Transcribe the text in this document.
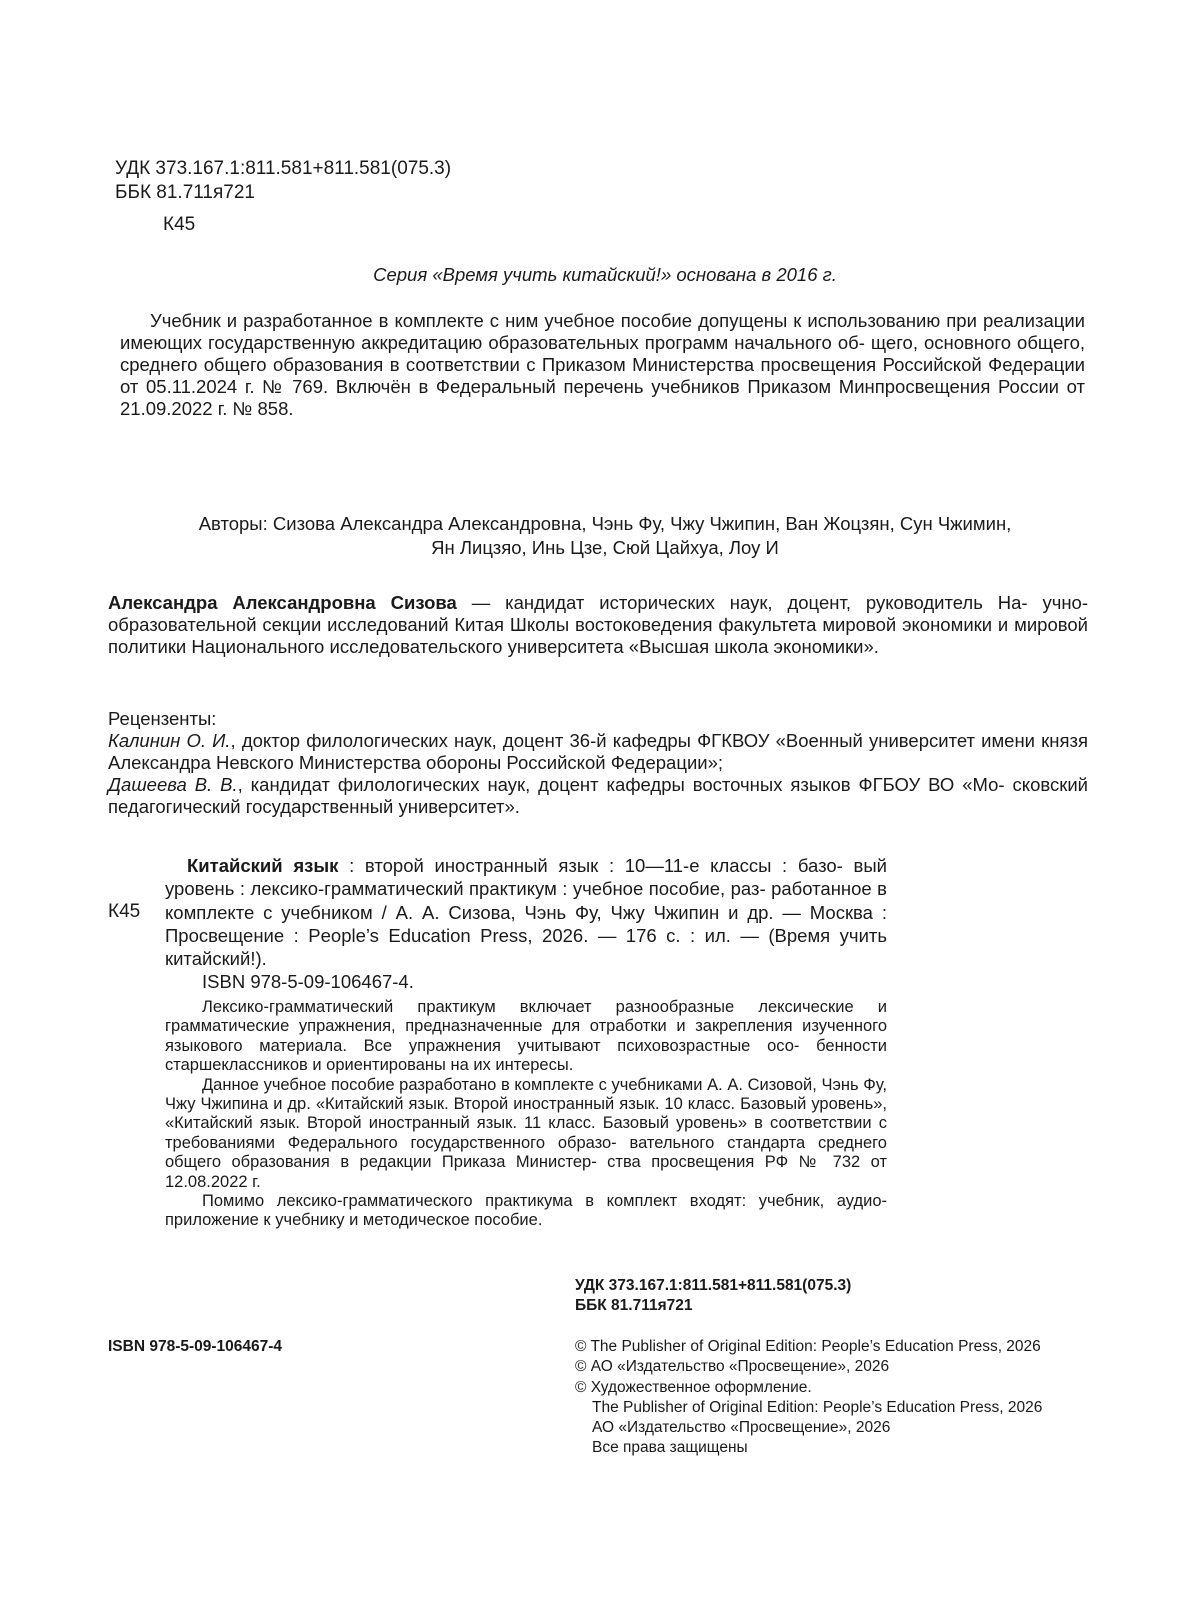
УДК 373.167.1:811.581+811.581(075.3)
ББК 81.711я721
К45
Серия «Время учить китайский!» основана в 2016 г.
Учебник и разработанное в комплекте с ним учебное пособие допущены к использованию при реализации имеющих государственную аккредитацию образовательных программ начального об- щего, основного общего, среднего общего образования в соответствии с Приказом Министерства просвещения Российской Федерации от 05.11.2024 г. № 769. Включён в Федеральный перечень учебников Приказом Минпросвещения России от 21.09.2022 г. № 858.
Авторы: Сизова Александра Александровна, Чэнь Фу, Чжу Чжипин, Ван Жоцзян, Сун Чжимин,
Ян Лицзяо, Инь Цзе, Сюй Цайхуа, Лоу И
Александра Александровна Сизова — кандидат исторических наук, доцент, руководитель На- учно-образовательной секции исследований Китая Школы востоковедения факультета мировой экономики и мировой политики Национального исследовательского университета «Высшая школа экономики».
Рецензенты:
Калинин О. И., доктор филологических наук, доцент 36-й кафедры ФГКВОУ «Военный университет имени князя Александра Невского Министерства обороны Российской Федерации»;
Дашеева В. В., кандидат филологических наук, доцент кафедры восточных языков ФГБОУ ВО «Мо- сковский педагогический государственный университет».
К45
Китайский язык : второй иностранный язык : 10—11-е классы : базо- вый уровень : лексико-грамматический практикум : учебное пособие, раз- работанное в комплекте с учебником / А. А. Сизова, Чэнь Фу, Чжу Чжипин и др. — Москва : Просвещение : People’s Education Press, 2026. — 176 с. : ил. — (Время учить китайский!).
ISBN 978-5-09-106467-4.

Лексико-грамматический практикум включает разнообразные лексические и грамматические упражнения, предназначенные для отработки и закрепления изученного языкового материала. Все упражнения учитывают психовозрастные осо- бенности старшеклассников и ориентированы на их интересы.

Данное учебное пособие разработано в комплекте с учебниками А. А. Сизовой, Чэнь Фу, Чжу Чжипина и др. «Китайский язык. Второй иностранный язык. 10 класс. Базовый уровень», «Китайский язык. Второй иностранный язык. 11 класс. Базовый уровень» в соответствии с требованиями Федерального государственного образо- вательного стандарта среднего общего образования в редакции Приказа Министер- ства просвещения РФ № 732 от 12.08.2022 г.

Помимо лексико-грамматического практикума в комплект входят: учебник, аудио- приложение к учебнику и методическое пособие.

УДК 373.167.1:811.581+811.581(075.3)
ББК 81.711я721
ISBN 978-5-09-106467-4	© The Publisher of Original Edition: People’s Education Press, 2026
© АО «Издательство «Просвещение», 2026
© Художественное оформление.
The Publisher of Original Edition: People’s Education Press, 2026
АО «Издательство «Просвещение», 2026
Все права защищены
